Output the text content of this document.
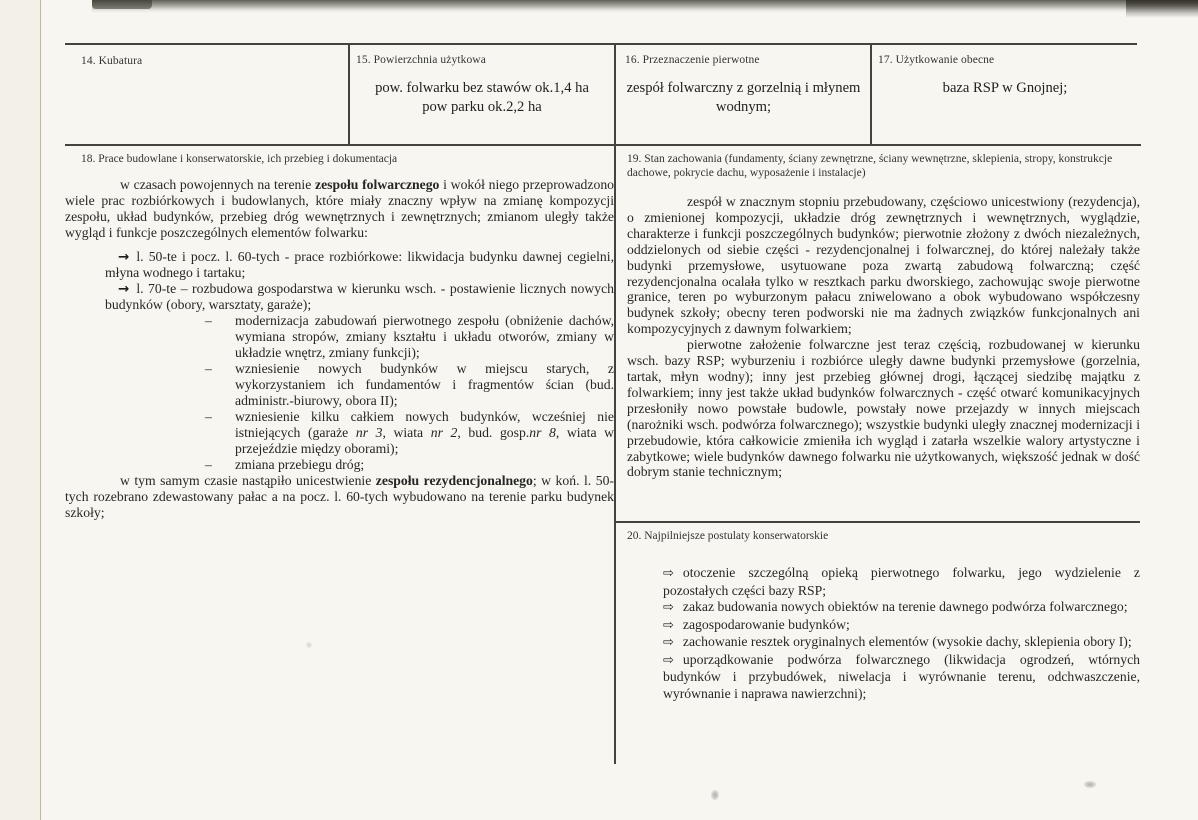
14. Kubatura	15. Powierzchnia użytkowa
pow. folwarku bez stawów ok.1,4 ha
pow parku ok.2,2 ha
16. Przeznaczenie pierwotne
zespół folwarczny z gorzelnią i młynem
wodnym;
17. Użytkowanie obecne
baza RSP w Gnojnej;
18. Prace budowlane i konserwatorskie, ich przebieg i dokumentacja

w czasach powojennych na terenie zespołu folwarcznego i wokół niego przeprowadzono wiele prac rozbiórkowych i budowlanych, które miały znaczny wpływ na zmianę kompozycji zespołu, układ budynków, przebieg dróg wewnętrznych i zewnętrznych; zmianom uległy także wygląd i funkcje poszczególnych elementów folwarku:

→ l. 50-te i pocz. l. 60-tych - prace rozbiórkowe: likwidacja budynku dawnej cegielni, młyna wodnego i tartaku;
→ l. 70-te – rozbudowa gospodarstwa w kierunku wsch. - postawienie licznych nowych budynków (obory, warsztaty, garaże);
– modernizacja zabudowań pierwotnego zespołu (obniżenie dachów, wymiana stropów, zmiany kształtu i układu otworów, zmiany w układzie wnętrz, zmiany funkcji);
– wzniesienie nowych budynków w miejscu starych, z wykorzystaniem ich fundamentów i fragmentów ścian (bud. administr.-biurowy, obora II);
– wzniesienie kilku całkiem nowych budynków, wcześniej nie istniejących (garaże nr 3, wiata nr 2, bud. gosp.nr 8, wiata w przejeździe między oborami);
– zmiana przebiegu dróg;

w tym samym czasie nastąpiło unicestwienie zespołu rezydencjonalnego; w koń. l. 50-tych rozebrano zdewastowany pałac a na pocz. l. 60-tych wybudowano na terenie parku budynek szkoły;

19. Stan zachowania (fundamenty, ściany zewnętrzne, ściany wewnętrzne, sklepienia, stropy, konstrukcje dachowe, pokrycie dachu, wyposażenie i instalacje)

zespół w znacznym stopniu przebudowany, częściowo unicestwiony (rezydencja), o zmienionej kompozycji, układzie dróg zewnętrznych i wewnętrznych, wyglądzie, charakterze i funkcji poszczególnych budynków; pierwotnie złożony z dwóch niezależnych, oddzielonych od siebie części - rezydencjonalnej i folwarcznej, do której należały także budynki przemysłowe, usytuowane poza zwartą zabudową folwarczną; część rezydencjonalna ocalała tylko w resztkach parku dworskiego, zachowując swoje pierwotne granice, teren po wyburzonym pałacu zniwelowano a obok wybudowano współczesny budynek szkoły; obecny teren podworski nie ma żadnych związków funkcjonalnych ani kompozycyjnych z dawnym folwarkiem;

pierwotne założenie folwarczne jest teraz częścią, rozbudowanej w kierunku wsch. bazy RSP; wyburzeniu i rozbiórce uległy dawne budynki przemysłowe (gorzelnia, tartak, młyn wodny); inny jest przebieg głównej drogi, łączącej siedzibę majątku z folwarkiem; inny jest także układ budynków folwarcznych - część otwarć komunikacyjnych przesłoniły nowo powstałe budowle, powstały nowe przejazdy w innych miejscach (narożniki wsch. podwórza folwarcznego); wszystkie budynki uległy znacznej modernizacji i przebudowie, która całkowicie zmieniła ich wygląd i zatarła wszelkie walory artystyczne i zabytkowe; wiele budynków dawnego folwarku nie użytkowanych, większość jednak w dość dobrym stanie technicznym;

20. Najpilniejsze postulaty konserwatorskie
⇨ otoczenie szczególną opieką pierwotnego folwarku, jego wydzielenie z pozostałych części bazy RSP;
⇨ zakaz budowania nowych obiektów na terenie dawnego podwórza folwarcznego;
⇨ zagospodarowanie budynków;
⇨ zachowanie resztek oryginalnych elementów (wysokie dachy, sklepienia obory I);
⇨ uporządkowanie podwórza folwarcznego (likwidacja ogrodzeń, wtórnych budynków i przybudówek, niwelacja i wyrównanie terenu, odchwaszczenie, wyrównanie i naprawa nawierzchni);
